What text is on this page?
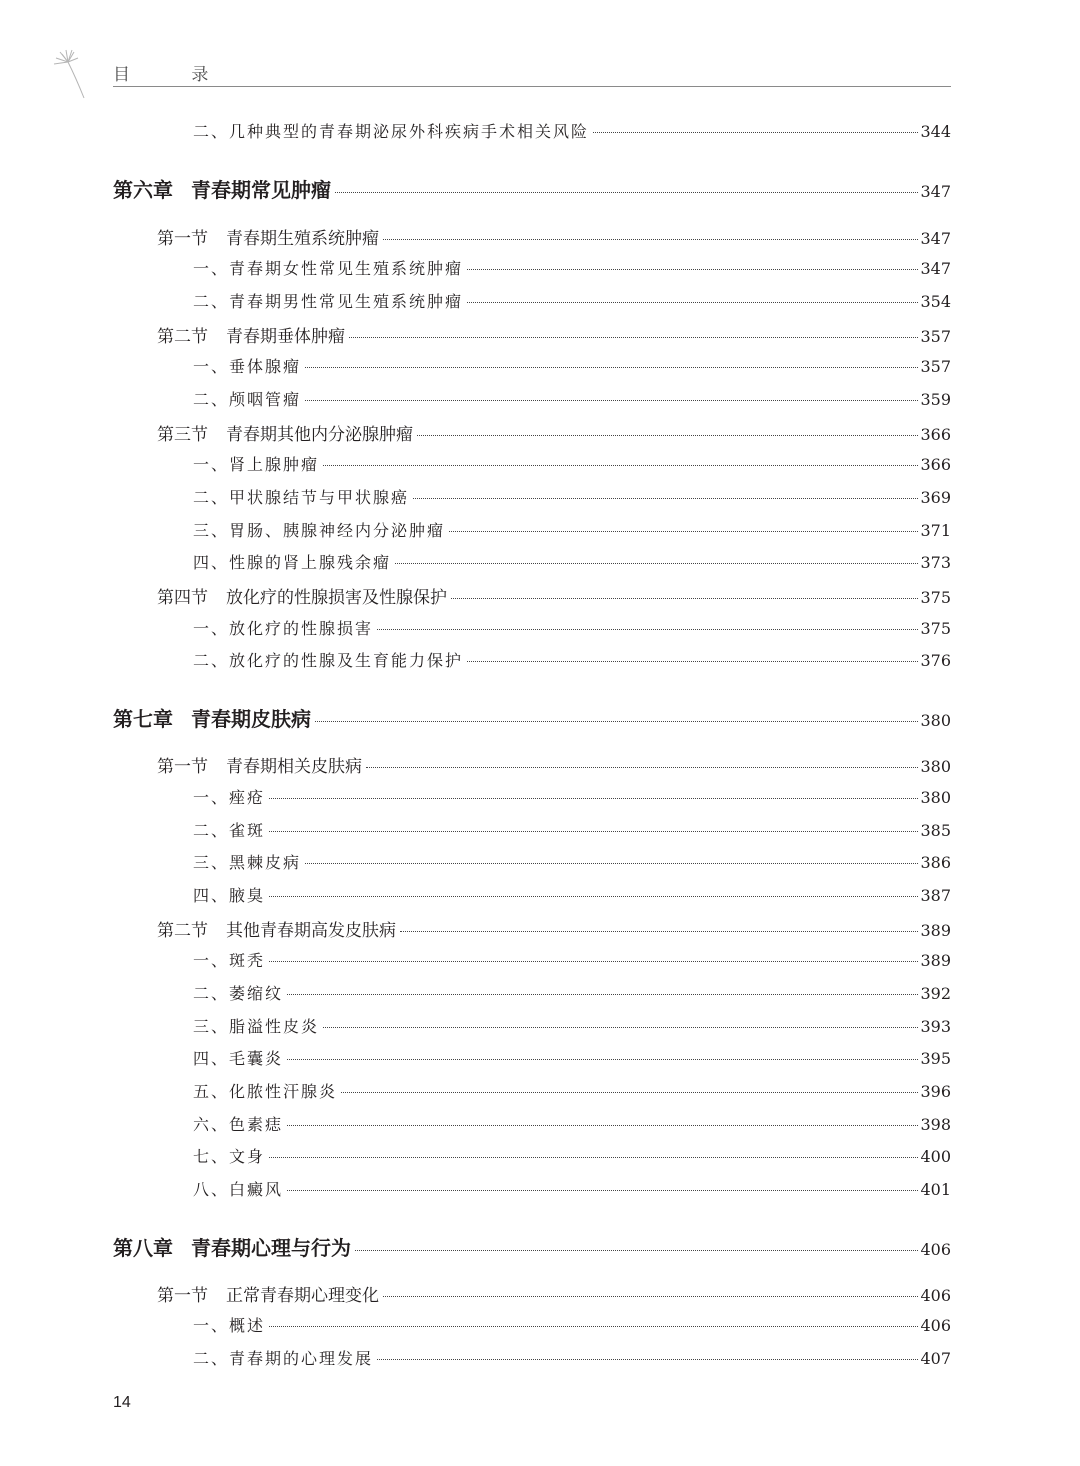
目 录
二、几种典型的青春期泌尿外科疾病手术相关风险	344
第六章 青春期常见肿瘤	347
第一节 青春期生殖系统肿瘤	347
一、青春期女性常见生殖系统肿瘤	347
二、青春期男性常见生殖系统肿瘤	354
第二节 青春期垂体肿瘤	357
一、垂体腺瘤	357
二、颅咽管瘤	359
第三节 青春期其他内分泌腺肿瘤	366
一、肾上腺肿瘤	366
二、甲状腺结节与甲状腺癌	369
三、胃肠、胰腺神经内分泌肿瘤	371
四、性腺的肾上腺残余瘤	373
第四节 放化疗的性腺损害及性腺保护	375
一、放化疗的性腺损害	375
二、放化疗的性腺及生育能力保护	376
第七章 青春期皮肤病	380
第一节 青春期相关皮肤病	380
一、痤疮	380
二、雀斑	385
三、黑棘皮病	386
四、腋臭	387
第二节 其他青春期高发皮肤病	389
一、斑秃	389
二、萎缩纹	392
三、脂溢性皮炎	393
四、毛囊炎	395
五、化脓性汗腺炎	396
六、色素痣	398
七、文身	400
八、白癜风	401
第八章 青春期心理与行为	406
第一节 正常青春期心理变化	406
一、概述	406
二、青春期的心理发展	407
14
